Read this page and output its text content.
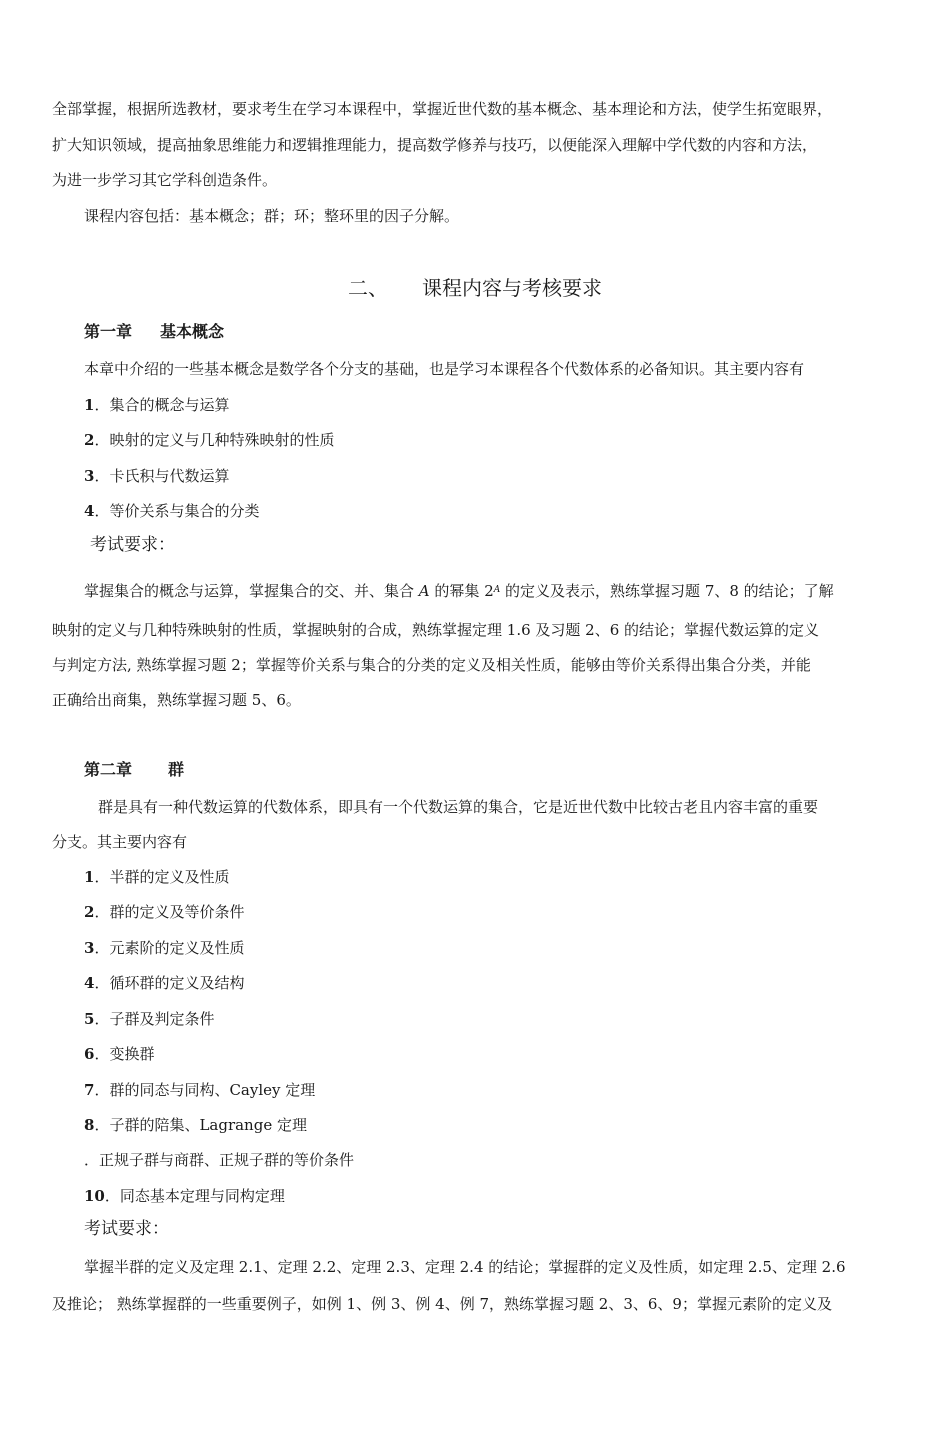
全部掌握，根据所选教材，要求考生在学习本课程中，掌握近世代数的基本概念、基本理论和方法，使学生拓宽眼界，
扩大知识领域，提高抽象思维能力和逻辑推理能力，提高数学修养与技巧，以便能深入理解中学代数的内容和方法，
为进一步学习其它学科创造条件。
课程内容包括：基本概念；群；环；整环里的因子分解。
二、 课程内容与考核要求
第一章 基本概念
本章中介绍的一些基本概念是数学各个分支的基础，也是学习本课程各个代数体系的必备知识。其主要内容有
1．集合的概念与运算
2．映射的定义与几种特殊映射的性质
3．卡氏积与代数运算
4．等价关系与集合的分类
考试要求：
掌握集合的概念与运算，掌握集合的交、并、集合 A 的幂集 $2^A$ 的定义及表示，熟练掌握习题 7、8 的结论；了解
映射的定义与几种特殊映射的性质，掌握映射的合成，熟练掌握定理 1.6 及习题 2、6 的结论；掌握代数运算的定义
与判定方法, 熟练掌握习题 2；掌握等价关系与集合的分类的定义及相关性质，能够由等价关系得出集合分类，并能
正确给出商集，熟练掌握习题 5、6。
第二章 群
群是具有一种代数运算的代数体系，即具有一个代数运算的集合，它是近世代数中比较古老且内容丰富的重要
分支。其主要内容有
1．半群的定义及性质
2．群的定义及等价条件
3．元素阶的定义及性质
4．循环群的定义及结构
5．子群及判定条件
6．变换群
7．群的同态与同构、Cayley 定理
8．子群的陪集、Lagrange 定理
．正规子群与商群、正规子群的等价条件
10．同态基本定理与同构定理
考试要求：
掌握半群的定义及定理 2.1、定理 2.2、定理 2.3、定理 2.4 的结论；掌握群的定义及性质，如定理 2.5、定理 2.6
及推论； 熟练掌握群的一些重要例子，如例 1、例 3、例 4、例 7，熟练掌握习题 2、3、6、9；掌握元素阶的定义及
